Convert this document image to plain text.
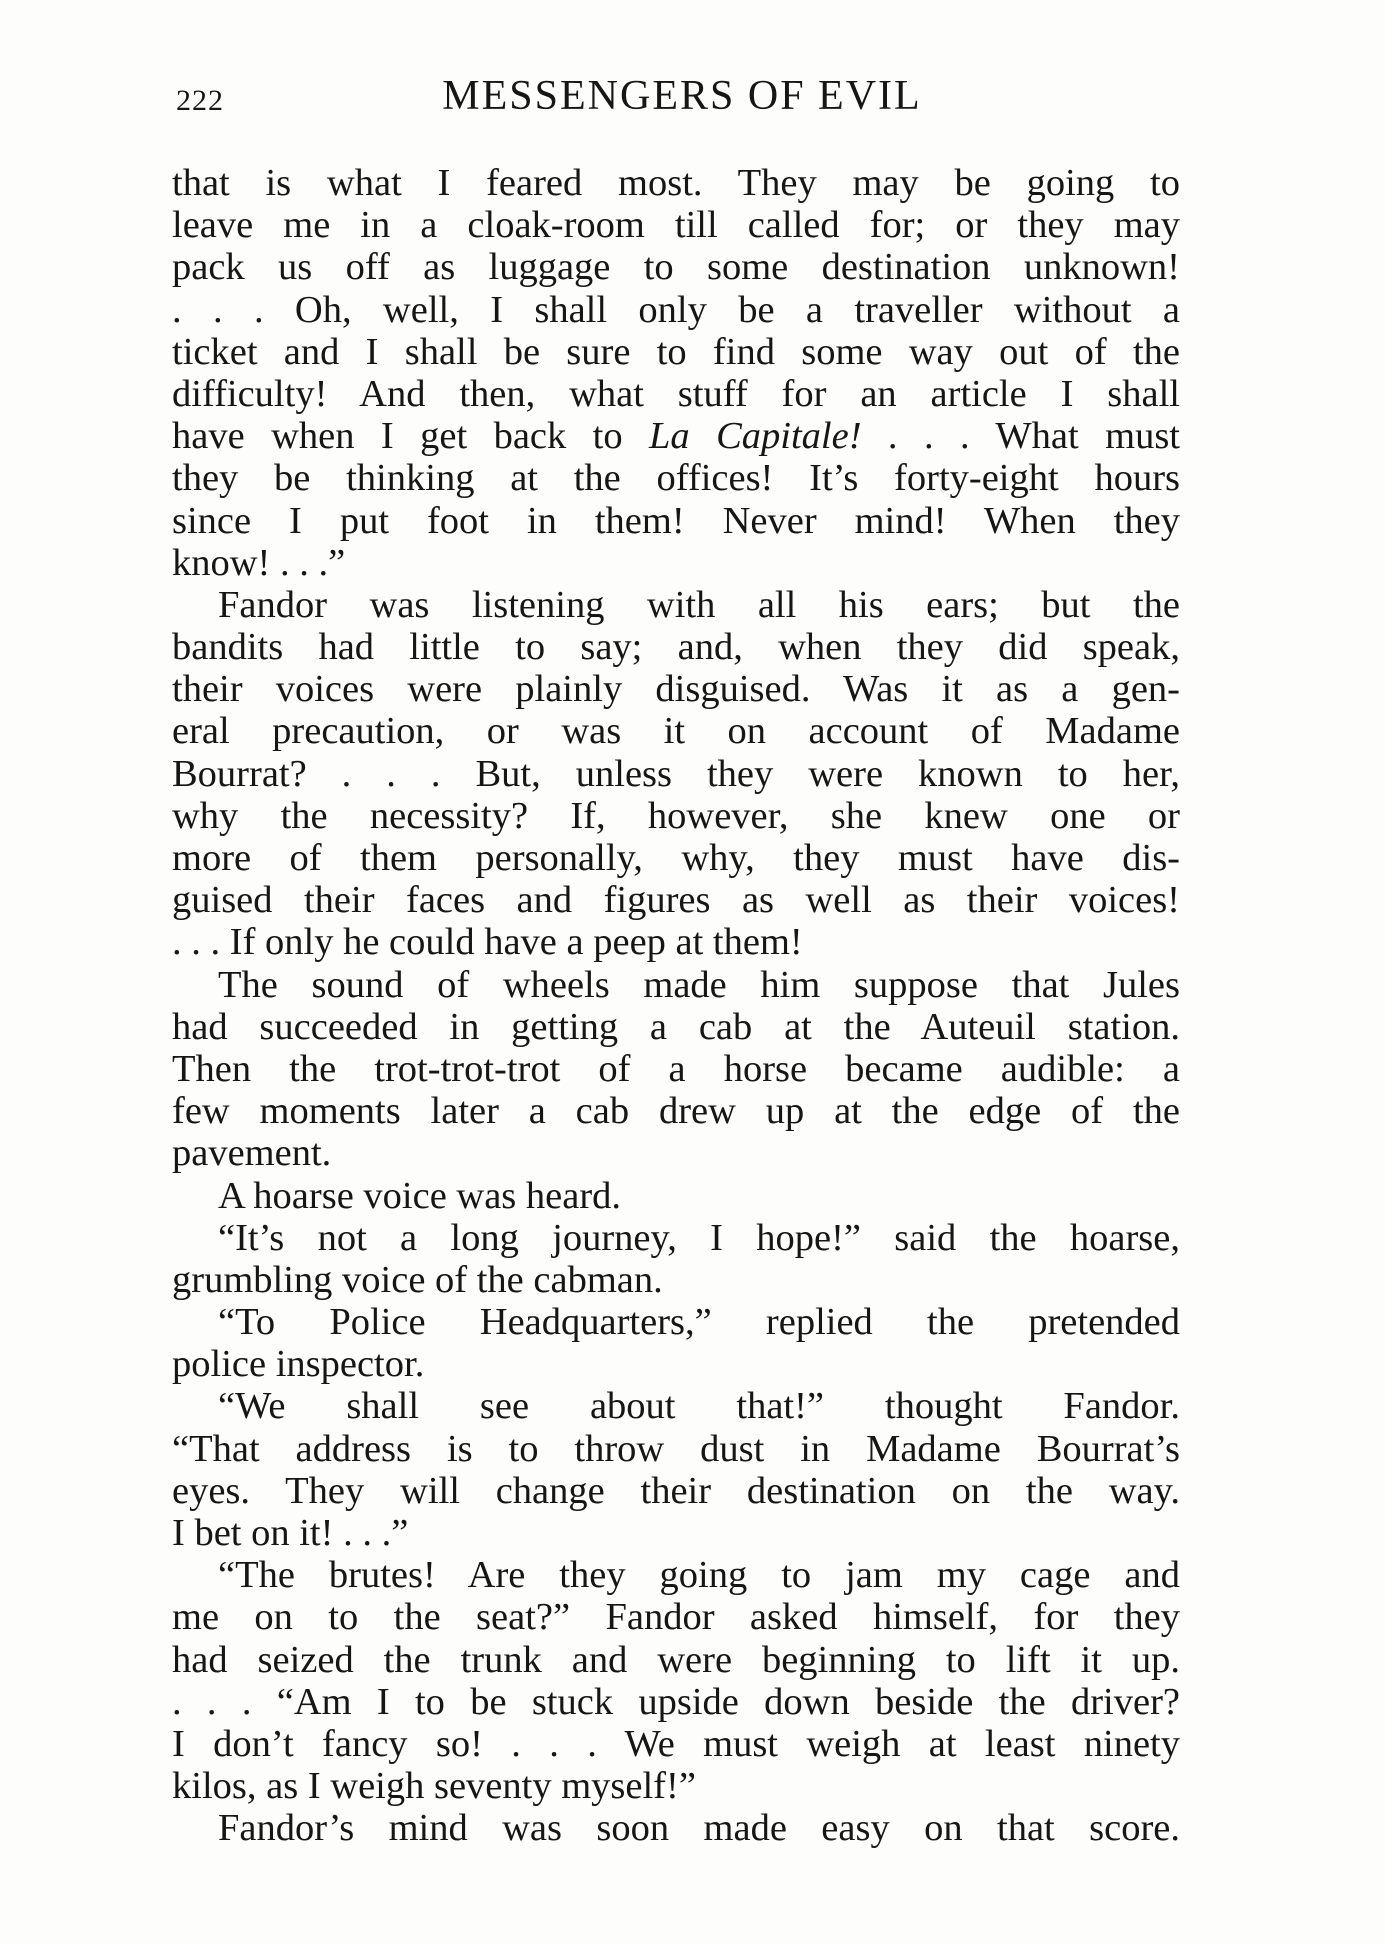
222	MESSENGERS OF EVIL
that is what I feared most. They may be going to
leave me in a cloak-room till called for; or they may
pack us off as luggage to some destination unknown!
. . . Oh, well, I shall only be a traveller without a
ticket and I shall be sure to find some way out of the
difficulty! And then, what stuff for an article I shall
have when I get back to La Capitale! . . . What must
they be thinking at the offices! It’s forty-eight hours
since I put foot in them! Never mind! When they
know! . . .”
Fandor was listening with all his ears; but the
bandits had little to say; and, when they did speak,
their voices were plainly disguised. Was it as a gen-
eral precaution, or was it on account of Madame
Bourrat? . . . But, unless they were known to her,
why the necessity? If, however, she knew one or
more of them personally, why, they must have dis-
guised their faces and figures as well as their voices!
. . . If only he could have a peep at them!
The sound of wheels made him suppose that Jules
had succeeded in getting a cab at the Auteuil station.
Then the trot-trot-trot of a horse became audible: a
few moments later a cab drew up at the edge of the
pavement.
A hoarse voice was heard.
“It’s not a long journey, I hope!” said the hoarse,
grumbling voice of the cabman.
“To Police Headquarters,” replied the pretended
police inspector.
“We shall see about that!” thought Fandor.
“That address is to throw dust in Madame Bourrat’s
eyes. They will change their destination on the way.
I bet on it! . . .”
“The brutes! Are they going to jam my cage and
me on to the seat?” Fandor asked himself, for they
had seized the trunk and were beginning to lift it up.
. . . “Am I to be stuck upside down beside the driver?
I don’t fancy so! . . . We must weigh at least ninety
kilos, as I weigh seventy myself!”
Fandor’s mind was soon made easy on that score.
